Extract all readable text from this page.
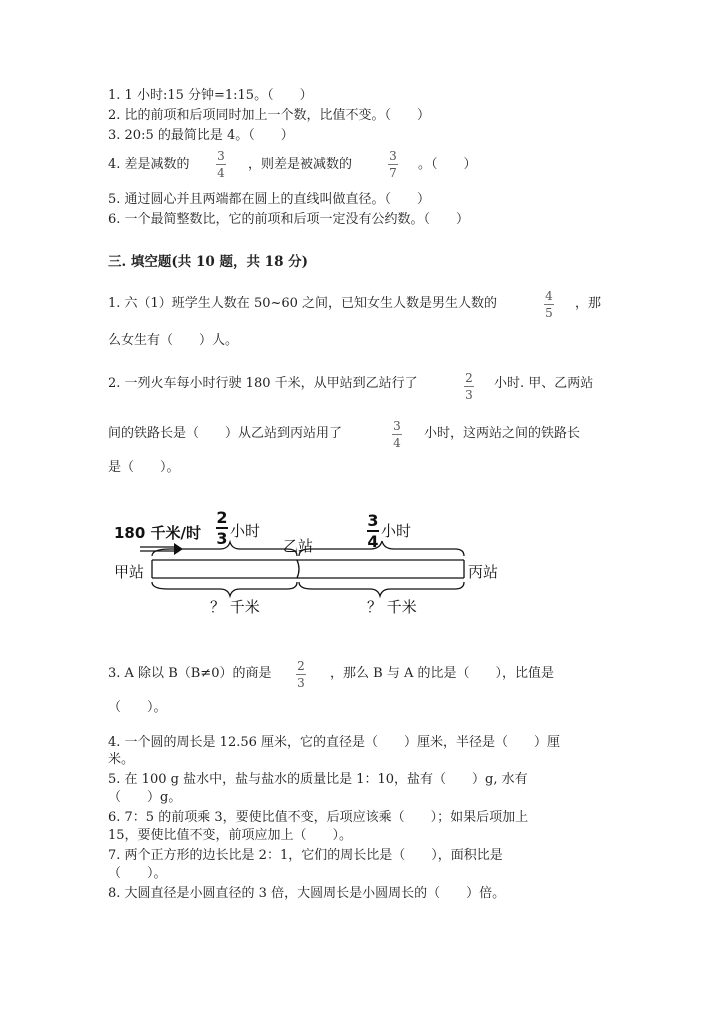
1. 1 小时:15 分钟=1:15。（　　）
2. 比的前项和后项同时加上一个数，比值不变。（　　）
3. 20:5 的最简比是 4。（　　）
4. 差是减数的
3
4
，则差是被减数的
3
7
。（　　）
5. 通过圆心并且两端都在圆上的直线叫做直径。（　　）
6. 一个最简整数比，它的前项和后项一定没有公约数。（　　）
三. 填空题(共 10 题，共 18 分)
1. 六（1）班学生人数在 50~60 之间，已知女生人数是男生人数的	4
5
，那
么女生有（　　）人。
2. 一列火车每小时行驶 180 千米，从甲站到乙站行了	2
3
小时. 甲、乙两站
间的铁路长是（　　）从乙站到丙站用了	3
4
小时，这两站之间的铁路长
是（　　）。
180 千米/时
2
3 小时
3
4
小时
乙站
甲站	丙站
？ 千米	？ 千米
3. A 除以 B（B≠0）的商是 2
3
，那么 B 与 A 的比是（　　），比值是
（　　）。
4. 一个圆的周长是 12.56 厘米，它的直径是（　　）厘米，半径是（　　）厘
米。
5. 在 100 g 盐水中，盐与盐水的质量比是 1：10，盐有（　　）g, 水有
（　　）g。
6. 7：5 的前项乘 3，要使比值不变，后项应该乘（　　）；如果后项加上
15，要使比值不变，前项应加上（　　）。
7. 两个正方形的边长比是 2：1，它们的周长比是（　　），面积比是
（　　）。
8. 大圆直径是小圆直径的 3 倍，大圆周长是小圆周长的（　　）倍。
